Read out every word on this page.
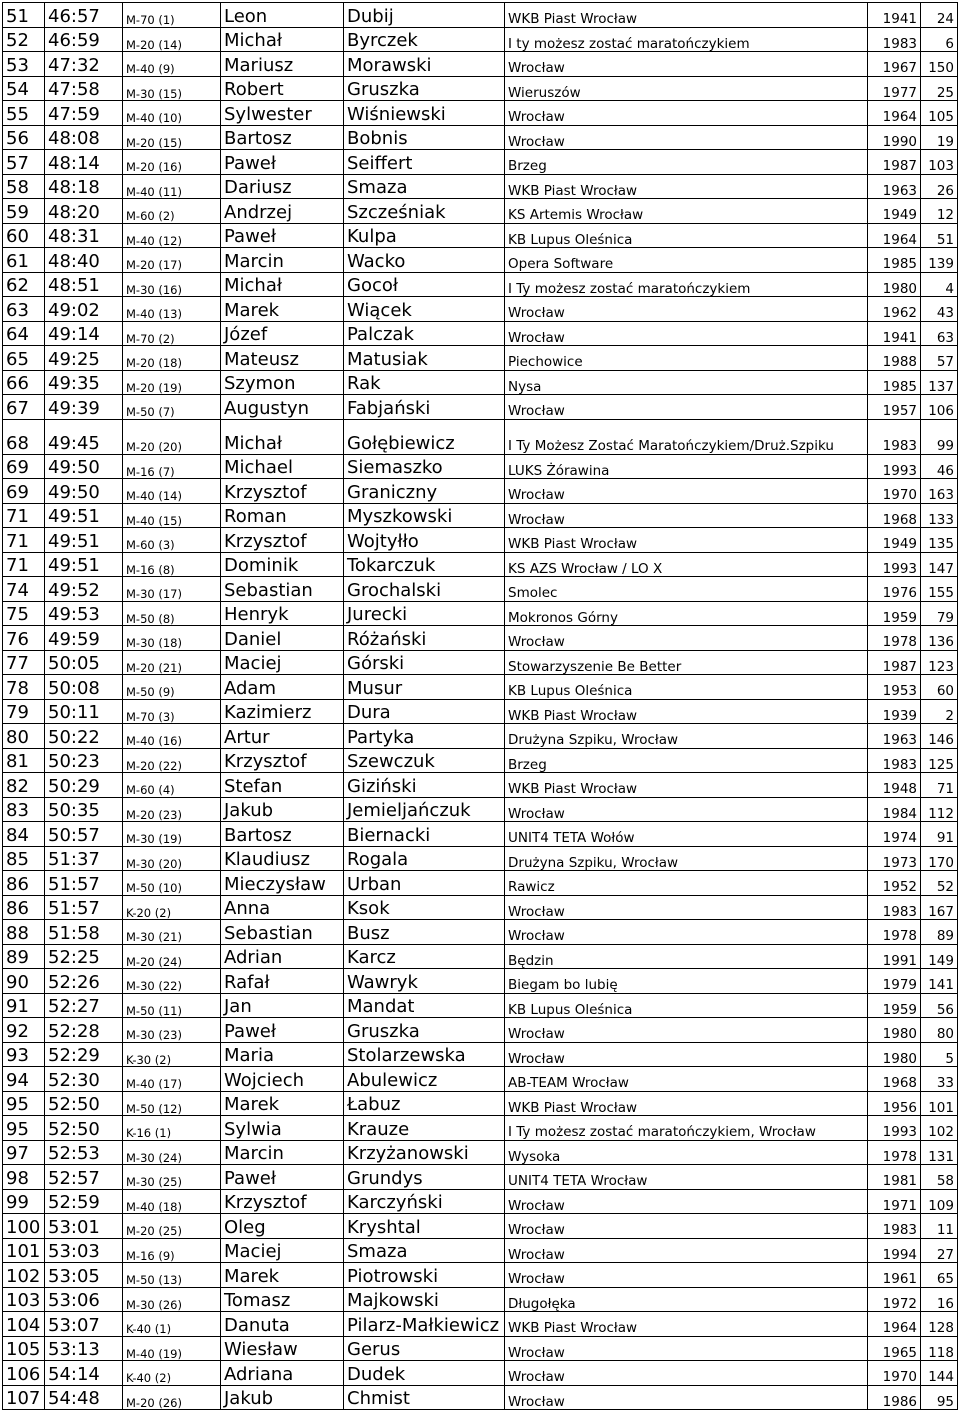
51	46:57	M-70 (1)	Leon	Dubij	WKB Piast Wrocław	1941	24
52	46:59	M-20 (14)	Michał	Byrczek	I ty możesz zostać maratończykiem	1983	6
53	47:32	M-40 (9)	Mariusz	Morawski	Wrocław	1967	150
54	47:58	M-30 (15)	Robert	Gruszka	Wieruszów	1977	25
55	47:59	M-40 (10)	Sylwester	Wiśniewski	Wrocław	1964	105
56	48:08	M-20 (15)	Bartosz	Bobnis	Wrocław	1990	19
57	48:14	M-20 (16)	Paweł	Seiffert	Brzeg	1987	103
58	48:18	M-40 (11)	Dariusz	Smaza	WKB Piast Wrocław	1963	26
59	48:20	M-60 (2)	Andrzej	Szcześniak	KS Artemis Wrocław	1949	12
60	48:31	M-40 (12)	Paweł	Kulpa	KB Lupus Oleśnica	1964	51
61	48:40	M-20 (17)	Marcin	Wacko	Opera Software	1985	139
62	48:51	M-30 (16)	Michał	Gocoł	I Ty możesz zostać maratończykiem	1980	4
63	49:02	M-40 (13)	Marek	Wiącek	Wrocław	1962	43
64	49:14	M-70 (2)	Józef	Palczak	Wrocław	1941	63
65	49:25	M-20 (18)	Mateusz	Matusiak	Piechowice	1988	57
66	49:35	M-20 (19)	Szymon	Rak	Nysa	1985	137
67	49:39	M-50 (7)	Augustyn	Fabjański	Wrocław	1957	106
68	49:45	M-20 (20)	Michał	Gołębiewicz	I Ty Możesz Zostać Maratończykiem/Druż.Szpiku	1983	99
69	49:50	M-16 (7)	Michael	Siemaszko	LUKS Żórawina	1993	46
69	49:50	M-40 (14)	Krzysztof	Graniczny	Wrocław	1970	163
71	49:51	M-40 (15)	Roman	Myszkowski	Wrocław	1968	133
71	49:51	M-60 (3)	Krzysztof	Wojtyłło	WKB Piast Wrocław	1949	135
71	49:51	M-16 (8)	Dominik	Tokarczuk	KS AZS Wrocław / LO X	1993	147
74	49:52	M-30 (17)	Sebastian	Grochalski	Smolec	1976	155
75	49:53	M-50 (8)	Henryk	Jurecki	Mokronos Górny	1959	79
76	49:59	M-30 (18)	Daniel	Różański	Wrocław	1978	136
77	50:05	M-20 (21)	Maciej	Górski	Stowarzyszenie Be Better	1987	123
78	50:08	M-50 (9)	Adam	Musur	KB Lupus Oleśnica	1953	60
79	50:11	M-70 (3)	Kazimierz	Dura	WKB Piast Wrocław	1939	2
80	50:22	M-40 (16)	Artur	Partyka	Drużyna Szpiku, Wrocław	1963	146
81	50:23	M-20 (22)	Krzysztof	Szewczuk	Brzeg	1983	125
82	50:29	M-60 (4)	Stefan	Giziński	WKB Piast Wrocław	1948	71
83	50:35	M-20 (23)	Jakub	Jemieljańczuk	Wrocław	1984	112
84	50:57	M-30 (19)	Bartosz	Biernacki	UNIT4 TETA Wołów	1974	91
85	51:37	M-30 (20)	Klaudiusz	Rogala	Drużyna Szpiku, Wrocław	1973	170
86	51:57	M-50 (10)	Mieczysław	Urban	Rawicz	1952	52
86	51:57	K-20 (2)	Anna	Ksok	Wrocław	1983	167
88	51:58	M-30 (21)	Sebastian	Busz	Wrocław	1978	89
89	52:25	M-20 (24)	Adrian	Karcz	Będzin	1991	149
90	52:26	M-30 (22)	Rafał	Wawryk	Biegam bo lubię	1979	141
91	52:27	M-50 (11)	Jan	Mandat	KB Lupus Oleśnica	1959	56
92	52:28	M-30 (23)	Paweł	Gruszka	Wrocław	1980	80
93	52:29	K-30 (2)	Maria	Stolarzewska	Wrocław	1980	5
94	52:30	M-40 (17)	Wojciech	Abulewicz	AB-TEAM Wrocław	1968	33
95	52:50	M-50 (12)	Marek	Łabuz	WKB Piast Wrocław	1956	101
95	52:50	K-16 (1)	Sylwia	Krauze	I Ty możesz zostać maratończykiem, Wrocław	1993	102
97	52:53	M-30 (24)	Marcin	Krzyżanowski	Wysoka	1978	131
98	52:57	M-30 (25)	Paweł	Grundys	UNIT4 TETA Wrocław	1981	58
99	52:59	M-40 (18)	Krzysztof	Karczyński	Wrocław	1971	109
100	53:01	M-20 (25)	Oleg	Kryshtal	Wrocław	1983	11
101	53:03	M-16 (9)	Maciej	Smaza	Wrocław	1994	27
102	53:05	M-50 (13)	Marek	Piotrowski	Wrocław	1961	65
103	53:06	M-30 (26)	Tomasz	Majkowski	Długołęka	1972	16
104	53:07	K-40 (1)	Danuta	Pilarz-Małkiewicz	WKB Piast Wrocław	1964	128
105	53:13	M-40 (19)	Wiesław	Gerus	Wrocław	1965	118
106	54:14	K-40 (2)	Adriana	Dudek	Wrocław	1970	144
107	54:48	M-20 (26)	Jakub	Chmist	Wrocław	1986	95
